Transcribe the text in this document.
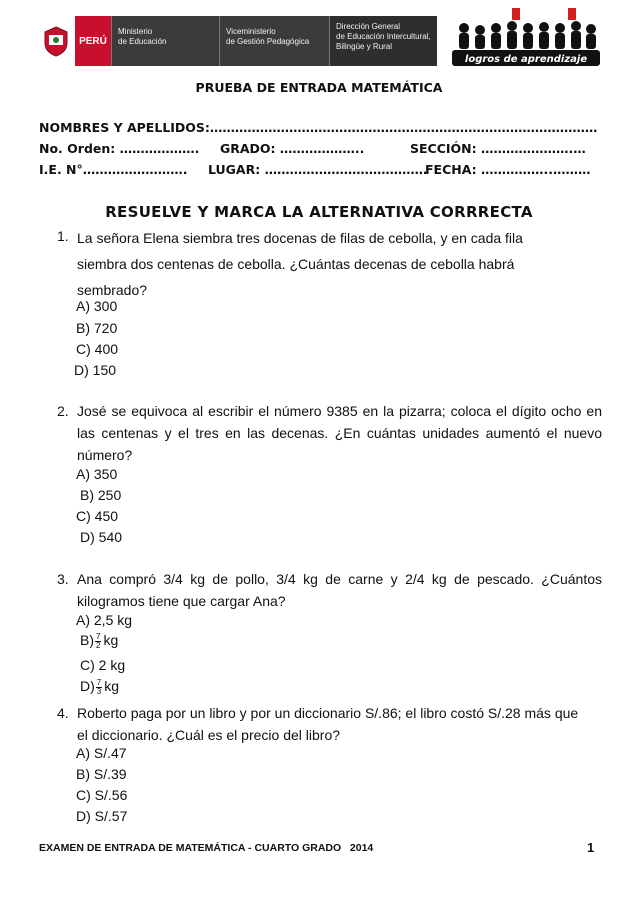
PERÚ
Ministerio
de Educación
Viceministerio
de Gestión Pedagógica
Dirección General
de Educación Intercultural,
Bilingüe y Rural
logros de aprendizaje
PRUEBA DE ENTRADA MATEMÁTICA
NOMBRES Y APELLIDOS:…………………………………………………………………………………
No. Orden: ………………. GRADO: ………………..	SECCIÓN: ………………….…
I.E. N°……………………. LUGAR: …………………………………
FECHA: ……………..………
RESUELVE Y MARCA LA ALTERNATIVA CORRRECTA
1. La señora Elena siembra tres docenas de filas de cebolla, y en cada fila siembra dos centenas de cebolla. ¿Cuántas decenas de cebolla habrá sembrado?
A) 300
B) 720
C) 400
D) 150
2. José se equivoca al escribir el número 9385 en la pizarra; coloca el dígito ocho en las centenas y el tres en las decenas. ¿En cuántas unidades aumentó el nuevo número?
A) 350
B) 250
C) 450
D) 540
3. Ana compró 3/4 kg de pollo, 3/4 kg de carne y 2/4 kg de pescado. ¿Cuántos kilogramos tiene que cargar Ana?
A) 2,5 kg
$B) \frac{7}{2}$ kg
C) 2 kg
$D) \frac{7}{3}$ kg
4. Roberto paga por un libro y por un diccionario S/.86; el libro costó S/.28 más que el diccionario. ¿Cuál es el precio del libro?
A) S/.47
B) S/.39
C) S/.56
D) S/.57
EXAMEN DE ENTRADA DE MATEMÁTICA - CUARTO GRADO   2014	1
